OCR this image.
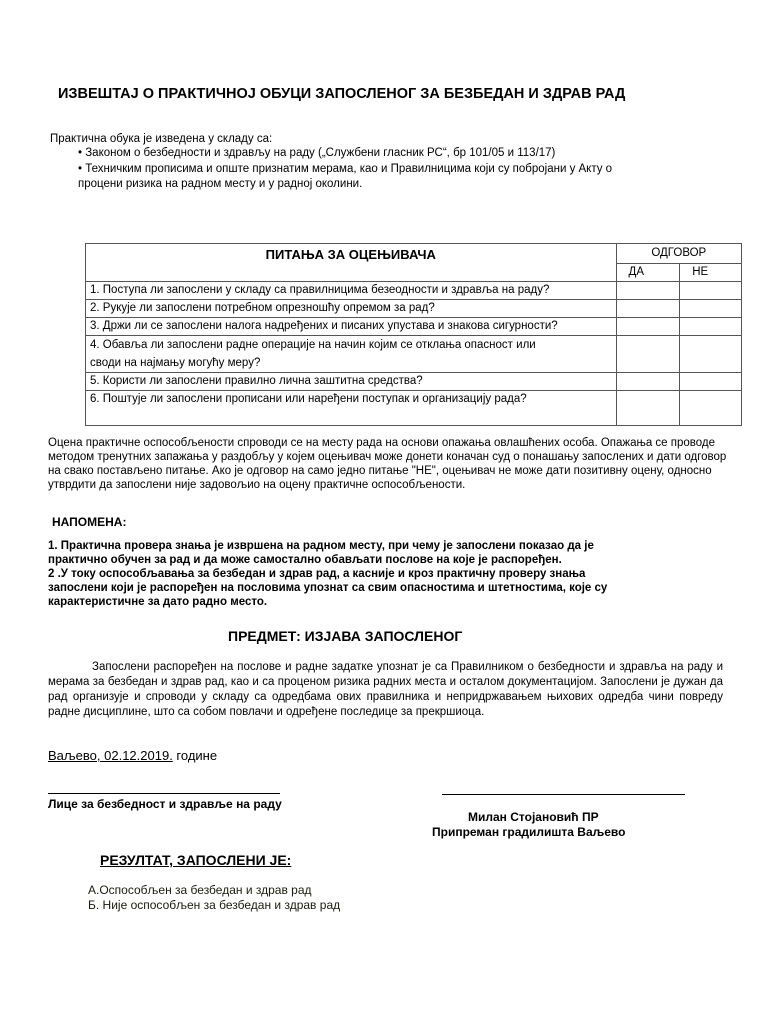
ИЗВЕШТАЈ О ПРАКТИЧНОЈ ОБУЦИ ЗАПОСЛЕНОГ ЗА БЕЗБЕДАН И ЗДРАВ РАД
Практична обука је изведена у складу са:
• Законом о безбедности и здрављу на раду („Службени гласник РС“, бр 101/05 и 113/17)
• Техничким прописима и опште признатим мерама, као и Правилницима који су побројани у Акту о
процени ризика на радном месту и у радној околини.
ПИТАЊА ЗА ОЦЕЊИВАЧА	ОДГОВОР	
	ДА	НЕ
1. Поступа ли запослени у складу са правилницима безеодности и здравља на раду?		
2. Рукује ли запослени потребном опрезношћу опремом за рад?		
3. Држи ли се запослени налога надређених и писаних упустава и знакова сигурности?		

4. Обавља ли запослени радне операције на начин којим се отклања опасност или
своди на најмању могућу меру?		

5. Користи ли запослени правилно лична заштитна средства?		
6. Поштује ли запослени прописани или наређени поступак и организацију рада?		
Оцена практичне оспособљености спроводи се на месту рада на основи опажања овлашћених особа. Опажања се проводе методом тренутних запажања у раздобљу у којем оцењивач може донети коначан суд о понашању запослених и дати одговор на свако постављено питање. Ако је одговор на само једно питање "НЕ", оцењивач не може дати позитивну оцену, односно утврдити да запослени није задовољио на оцену практичне оспособљености.
НАПОМЕНА:
1. Практична провера знања је извршена на радном месту, при чему је запослени показао да је
практично обучен за рад и да може самостално обављати послове на које је распоређен.
2 .У току оспособљавања за безбедан и здрав рад, а касније и кроз практичну проверу знања
запослени који је распоређен на пословима упознат са свим опасностима и штетностима, које су
карактеристичне за дато радно место.
ПРЕДМЕТ: ИЗЈАВА ЗАПОСЛЕНОГ
Запослени распоређен на послове и радне задатке упознат је са Правилником о безбедности и здравља на раду и мерама за безбедан и здрав рад, као и са проценом ризика радних места и осталом документацијом. Запослени је дужан да рад организује и спроводи у складу са одредбама ових правилника и непридржавањем њихових одредба чини повреду радне дисциплине, што са собом повлачи и одређене последице за прекршиоца.
Ваљево, 02.12.2019. године
Лице за безбедност и здравље на раду
Милан Стојановић ПР
Припреман градилишта Ваљево
РЕЗУЛТАТ, ЗАПОСЛЕНИ ЈЕ:
А.Оспособљен за безбедан и здрав рад
Б. Није оспособљен за безбедан и здрав рад
